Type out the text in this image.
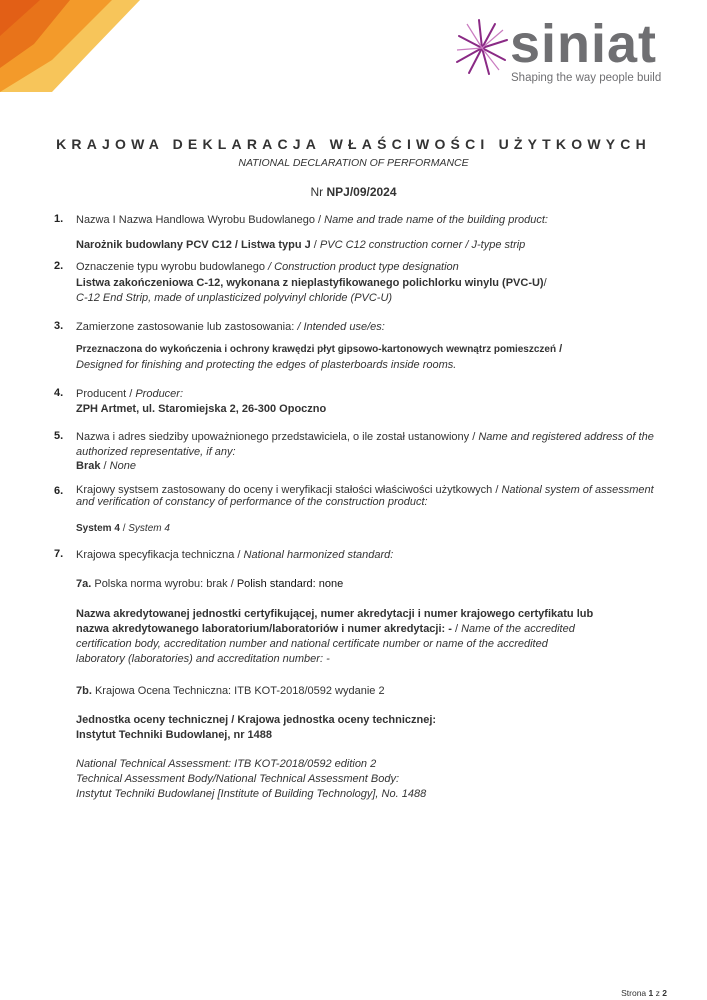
siniat
Shaping the way people build
KRAJOWA DEKLARACJA WŁAŚCIWOŚCI UŻYTKOWYCH
NATIONAL DECLARATION OF PERFORMANCE
Nr NPJ/09/2024
1. Nazwa I Nazwa Handlowa Wyrobu Budowlanego / Name and trade name of the building product:
Narożnik budowlany PCV C12 / Listwa typu J / PVC C12 construction corner / J-type strip
2. Oznaczenie typu wyrobu budowlanego / Construction product type designation
Listwa zakończeniowa C-12, wykonana z nieplastyfikowanego polichlorku winylu (PVC-U)/
C-12 End Strip, made of unplasticized polyvinyl chloride (PVC-U)
3. Zamierzone zastosowanie lub zastosowania: / Intended use/es:
Przeznaczona do wykończenia i ochrony krawędzi płyt gipsowo-kartonowych wewnątrz pomieszczeń /
Designed for finishing and protecting the edges of plasterboards inside rooms.
4. Producent / Producer:
ZPH Artmet, ul. Staromiejska 2, 26-300 Opoczno
5. Nazwa i adres siedziby upoważnionego przedstawiciela, o ile został ustanowiony / Name and registered address of the
authorized representative, if any:
Brak / None
6. Krajowy systsem zastosowany do oceny i weryfikacji stałości właściwości użytkowych / National system of assessment
and verification of constancy of performance of the construction product:
System 4 / System 4
7. Krajowa specyfikacja techniczna / National harmonized standard:
7a. Polska norma wyrobu: brak / Polish standard: none
Nazwa akredytowanej jednostki certyfikującej, numer akredytacji i numer krajowego certyfikatu lub
nazwa akredytowanego laboratorium/laboratoriów i numer akredytacji: - / Name of the accredited
certification body, accreditation number and national certificate number or name of the accredited
laboratory (laboratories) and accreditation number: -
7b. Krajowa Ocena Techniczna: ITB KOT-2018/0592 wydanie 2
Jednostka oceny technicznej / Krajowa jednostka oceny technicznej:
Instytut Techniki Budowlanej, nr 1488
National Technical Assessment: ITB KOT-2018/0592 edition 2
Technical Assessment Body/National Technical Assessment Body:
Instytut Techniki Budowlanej [Institute of Building Technology], No. 1488
Strona 1 z 2
